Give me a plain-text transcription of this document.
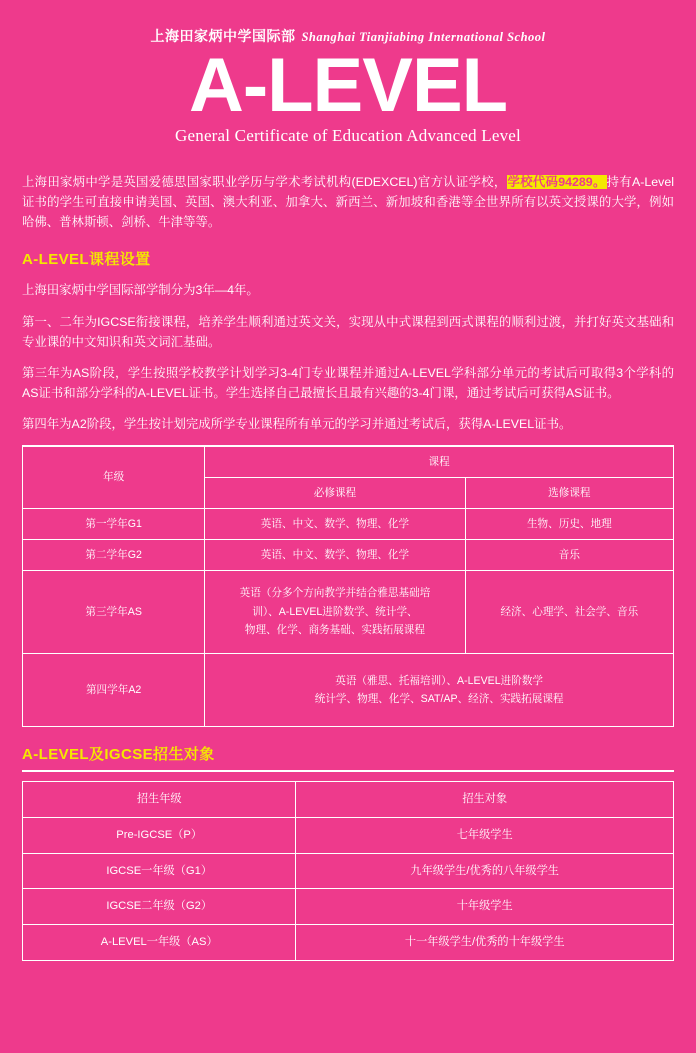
上海田家炳中学国际部 Shanghai Tianjiabing International School
A-LEVEL
General Certificate of Education Advanced Level

上海田家炳中学是英国爱德思国家职业学历与学术考试机构(EDEXCEL)官方认证学校，学校代码94289。持有A-Level证书的学生可直接申请美国、英国、澳大利亚、加拿大、新西兰、新加坡和香港等全世界所有以英文授课的大学，例如哈佛、普林斯顿、剑桥、牛津等等。

A-LEVEL课程设置

上海田家炳中学国际部学制分为3年—4年。

第一、二年为IGCSE衔接课程，培养学生顺利通过英文关，实现从中式课程到西式课程的顺利过渡，并打好英文基础和专业课的中文知识和英文词汇基础。

第三年为AS阶段，学生按照学校教学计划学习3-4门专业课程并通过A-LEVEL学科部分单元的考试后可取得3个学科的AS证书和部分学科的A-LEVEL证书。学生选择自己最擅长且最有兴趣的3-4门课，通过考试后可获得AS证书。

第四年为A2阶段，学生按计划完成所学专业课程所有单元的学习并通过考试后，获得A-LEVEL证书。

年级	课程	
	必修课程	选修课程
第一学年G1	英语、中文、数学、物理、化学	生物、历史、地理
第二学年G2	英语、中文、数学、物理、化学	音乐
第三学年AS	英语（分多个方向教学并结合雅思基础培
训）、A-LEVEL进阶数学、统计学、
物理、化学、商务基础、实践拓展课程	经济、心理学、社会学、音乐
第四学年A2	英语（雅思、托福培训）、A-LEVEL进阶数学
统计学、物理、化学、SAT/AP、经济、实践拓展课程	
A-LEVEL及IGCSE招生对象
招生年级	招生对象
Pre-IGCSE（P）	七年级学生
IGCSE一年级（G1）	九年级学生/优秀的八年级学生
IGCSE二年级（G2）	十年级学生
A-LEVEL一年级（AS）	十一年级学生/优秀的十年级学生
